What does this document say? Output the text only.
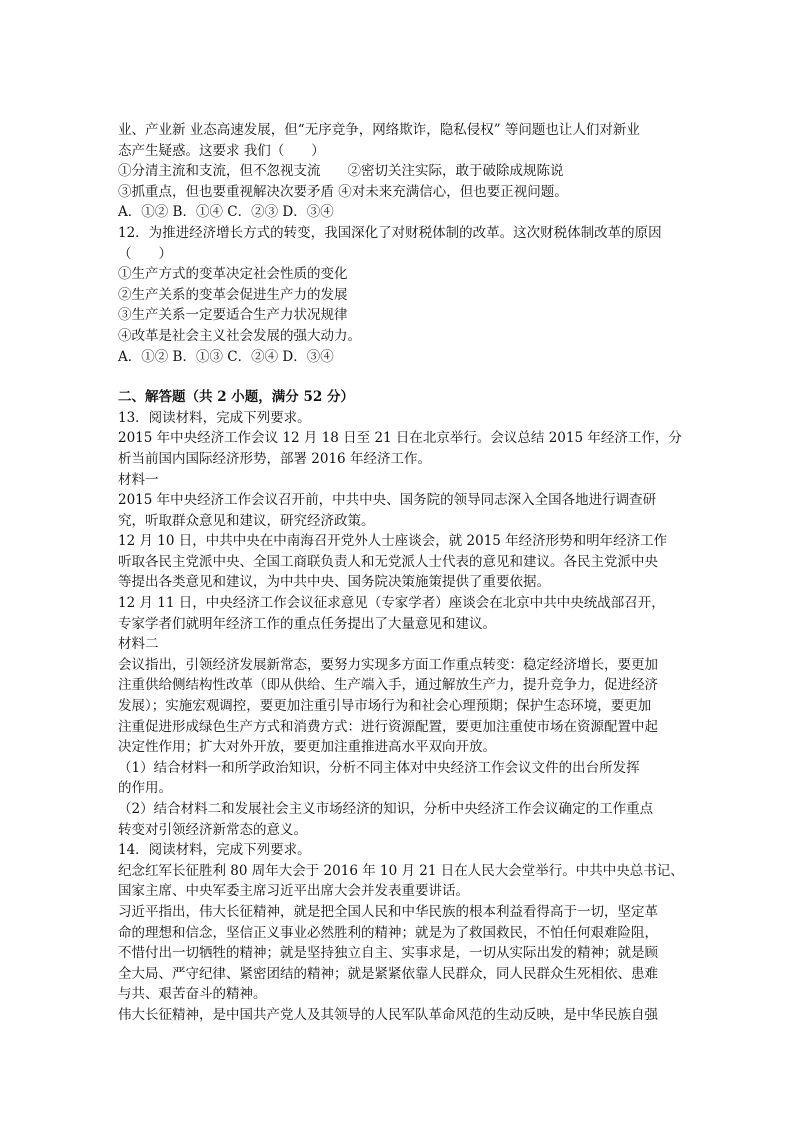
业、产业新 业态高速发展，但“无序竞争，网络欺诈，隐私侵权” 等问题也让人们对新业
态产生疑惑。这要求 我们（　　）
①分清主流和支流，但不忽视支流　　②密切关注实际，敢于破除成规陈说
③抓重点，但也要重视解决次要矛盾 ④对未来充满信心，但也要正视问题。
A．①② B．①④ C．②③ D．③④
12．为推进经济增长方式的转变，我国深化了对财税体制的改革。这次财税体制改革的原因
（　　）
①生产方式的变革决定社会性质的变化
②生产关系的变革会促进生产力的发展
③生产关系一定要适合生产力状况规律
④改革是社会主义社会发展的强大动力。
A．①② B．①③ C．②④ D．③④
二、解答题（共 2 小题，满分 52 分）
13．阅读材料，完成下列要求。
2015 年中央经济工作会议 12 月 18 日至 21 日在北京举行。会议总结 2015 年经济工作，分
析当前国内国际经济形势，部署 2016 年经济工作。
材料一
2015 年中央经济工作会议召开前，中共中央、国务院的领导同志深入全国各地进行调查研
究，听取群众意见和建议，研究经济政策。
12 月 10 日，中共中央在中南海召开党外人士座谈会，就 2015 年经济形势和明年经济工作
听取各民主党派中央、全国工商联负责人和无党派人士代表的意见和建议。各民主党派中央
等提出各类意见和建议，为中共中央、国务院决策施策提供了重要依据。
12 月 11 日，中央经济工作会议征求意见（专家学者）座谈会在北京中共中央统战部召开，
专家学者们就明年经济工作的重点任务提出了大量意见和建议。
材料二
会议指出，引领经济发展新常态，要努力实现多方面工作重点转变：稳定经济增长，要更加
注重供给侧结构性改革（即从供给、生产端入手，通过解放生产力，提升竞争力，促进经济
发展）；实施宏观调控，要更加注重引导市场行为和社会心理预期；保护生态环境，要更加
注重促进形成绿色生产方式和消费方式：进行资源配置，要更加注重使市场在资源配置中起
决定性作用；扩大对外开放，要更加注重推进高水平双向开放。
（1）结合材料一和所学政治知识，分析不同主体对中央经济工作会议文件的出台所发挥
的作用。
（2）结合材料二和发展社会主义市场经济的知识，分析中央经济工作会议确定的工作重点
转变对引领经济新常态的意义。
14．阅读材料，完成下列要求。
纪念红军长征胜利 80 周年大会于 2016 年 10 月 21 日在人民大会堂举行。中共中央总书记、
国家主席、中央军委主席习近平出席大会并发表重要讲话。
习近平指出，伟大长征精神，就是把全国人民和中华民族的根本利益看得高于一切，坚定革
命的理想和信念，坚信正义事业必然胜利的精神；就是为了救国救民，不怕任何艰难险阻，
不惜付出一切牺牲的精神；就是坚持独立自主、实事求是，一切从实际出发的精神；就是顾
全大局、严守纪律、紧密团结的精神；就是紧紧依靠人民群众，同人民群众生死相依、患难
与共、艰苦奋斗的精神。
伟大长征精神，是中国共产党人及其领导的人民军队革命风范的生动反映，是中华民族自强
